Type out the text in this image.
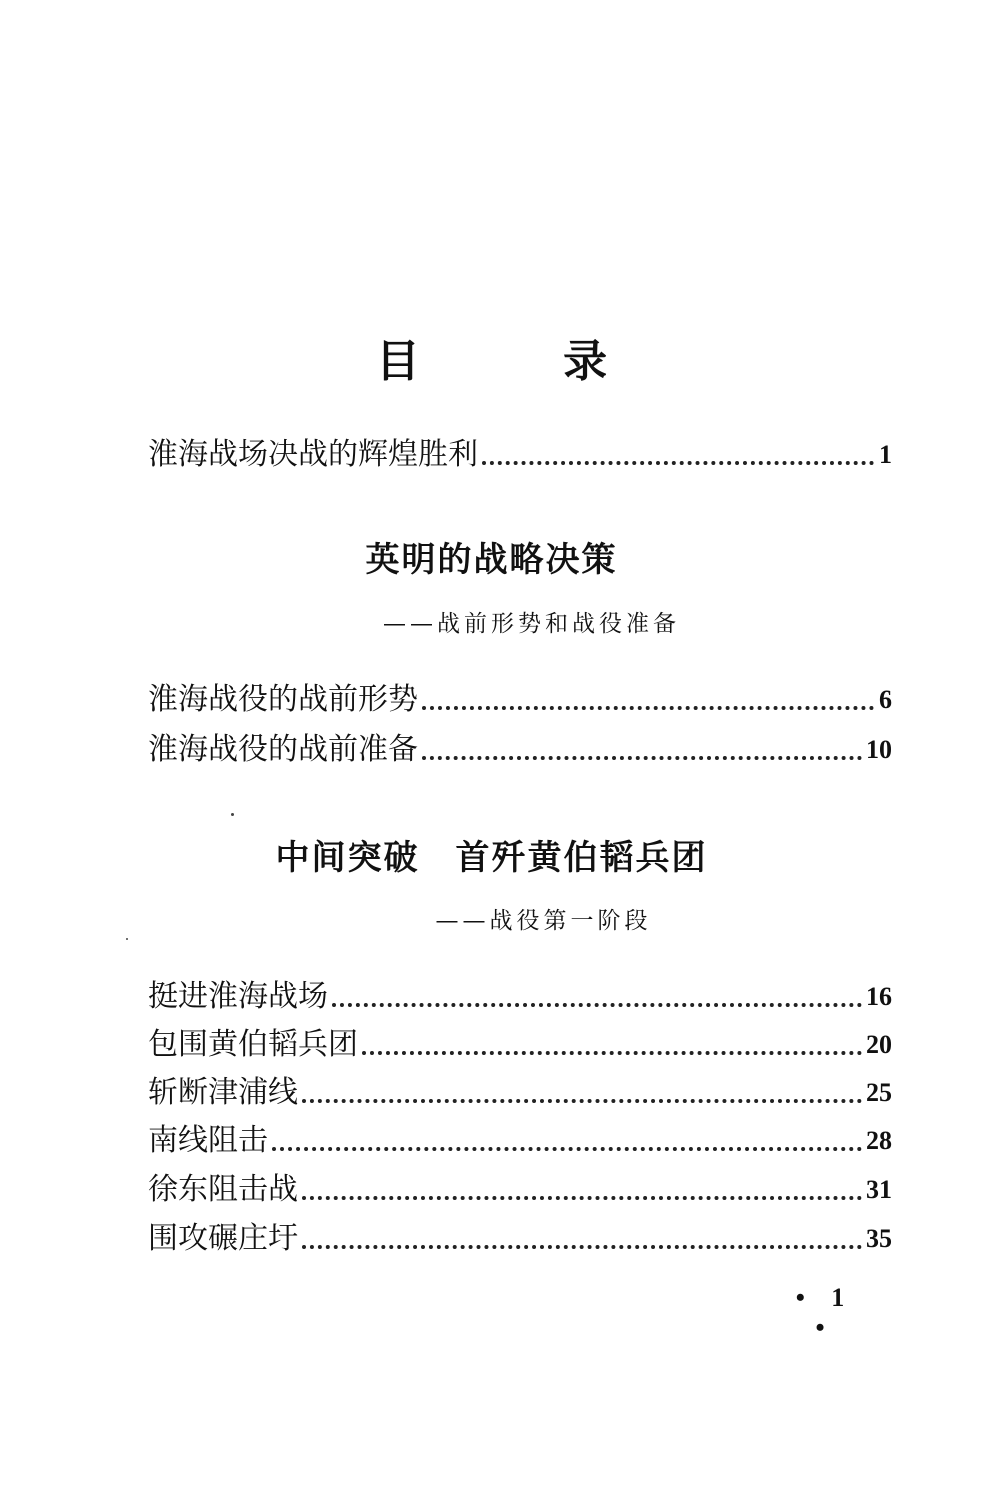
目 录
淮海战场决战的辉煌胜利	1
英明的战略决策
——战前形势和战役准备
淮海战役的战前形势	6
淮海战役的战前准备	10
中间突破　首歼黄伯韬兵团
——战役第一阶段
挺进淮海战场	16
包围黄伯韬兵团	20
斩断津浦线	25
南线阻击	28
徐东阻击战	31
围攻碾庄圩	35
• 1 •
